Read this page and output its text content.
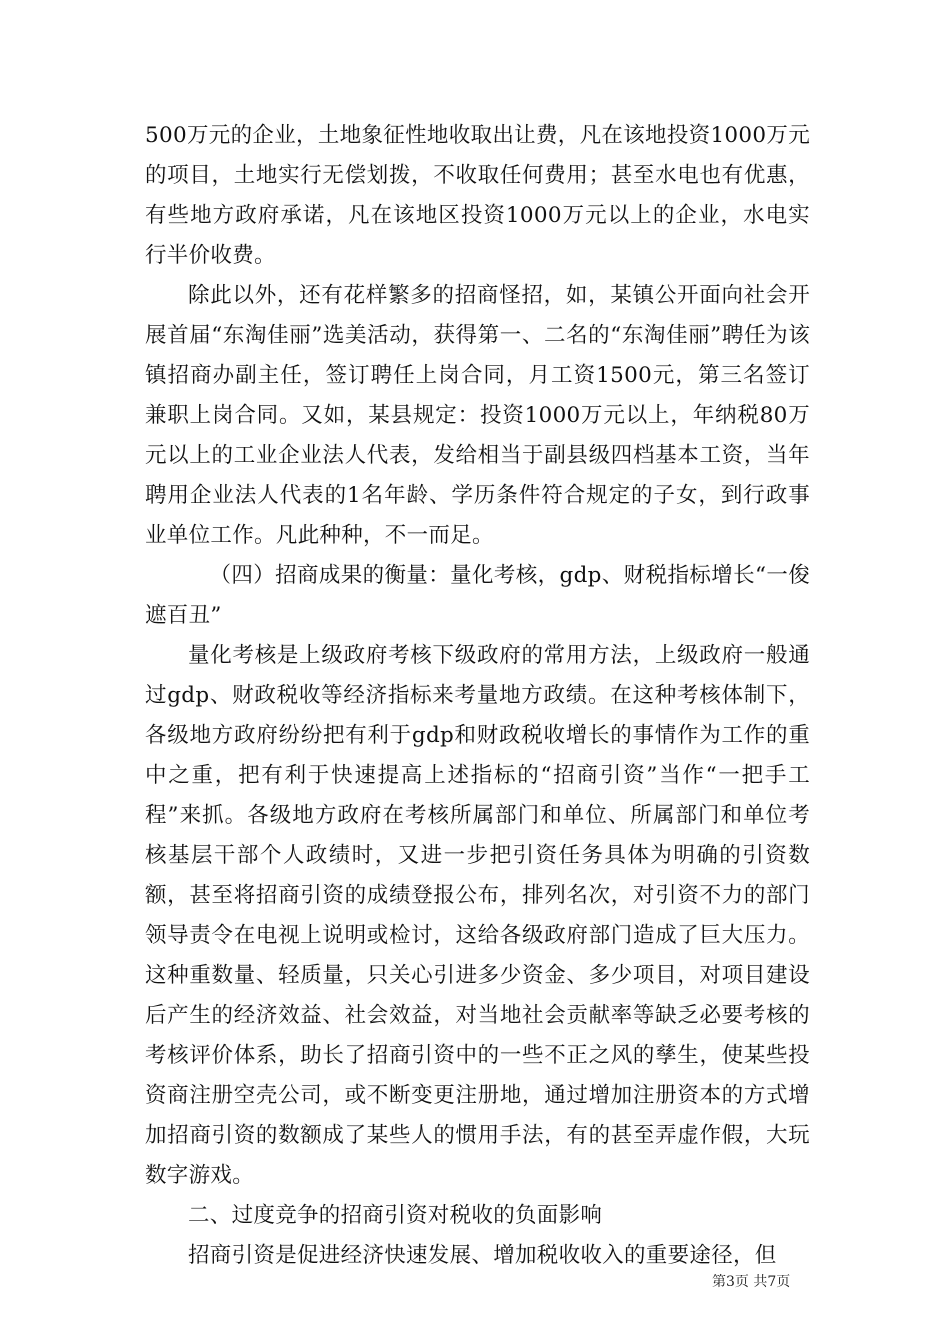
500万元的企业，土地象征性地收取出让费，凡在该地投资1000万元的项目，土地实行无偿划拨，不收取任何费用；甚至水电也有优惠，有些地方政府承诺，凡在该地区投资1000万元以上的企业，水电实行半价收费。

除此以外，还有花样繁多的招商怪招，如，某镇公开面向社会开展首届“东淘佳丽”选美活动，获得第一、二名的“东淘佳丽”聘任为该镇招商办副主任，签订聘任上岗合同，月工资1500元，第三名签订兼职上岗合同。又如，某县规定：投资1000万元以上，年纳税80万元以上的工业企业法人代表，发给相当于副县级四档基本工资，当年聘用企业法人代表的1名年龄、学历条件符合规定的子女，到行政事业单位工作。凡此种种，不一而足。

（四）招商成果的衡量：量化考核，gdp、财税指标增长“一俊遮百丑”

量化考核是上级政府考核下级政府的常用方法，上级政府一般通过gdp、财政税收等经济指标来考量地方政绩。在这种考核体制下，各级地方政府纷纷把有利于gdp和财政税收增长的事情作为工作的重中之重，把有利于快速提高上述指标的“招商引资”当作“一把手工程”来抓。各级地方政府在考核所属部门和单位、所属部门和单位考核基层干部个人政绩时，又进一步把引资任务具体为明确的引资数额，甚至将招商引资的成绩登报公布，排列名次，对引资不力的部门领导责令在电视上说明或检讨，这给各级政府部门造成了巨大压力。这种重数量、轻质量，只关心引进多少资金、多少项目，对项目建设后产生的经济效益、社会效益，对当地社会贡献率等缺乏必要考核的考核评价体系，助长了招商引资中的一些不正之风的孳生，使某些投资商注册空壳公司，或不断变更注册地，通过增加注册资本的方式增加招商引资的数额成了某些人的惯用手法，有的甚至弄虚作假，大玩数字游戏。

二、过度竞争的招商引资对税收的负面影响

招商引资是促进经济快速发展、增加税收收入的重要途径，但

第3页 共7页
